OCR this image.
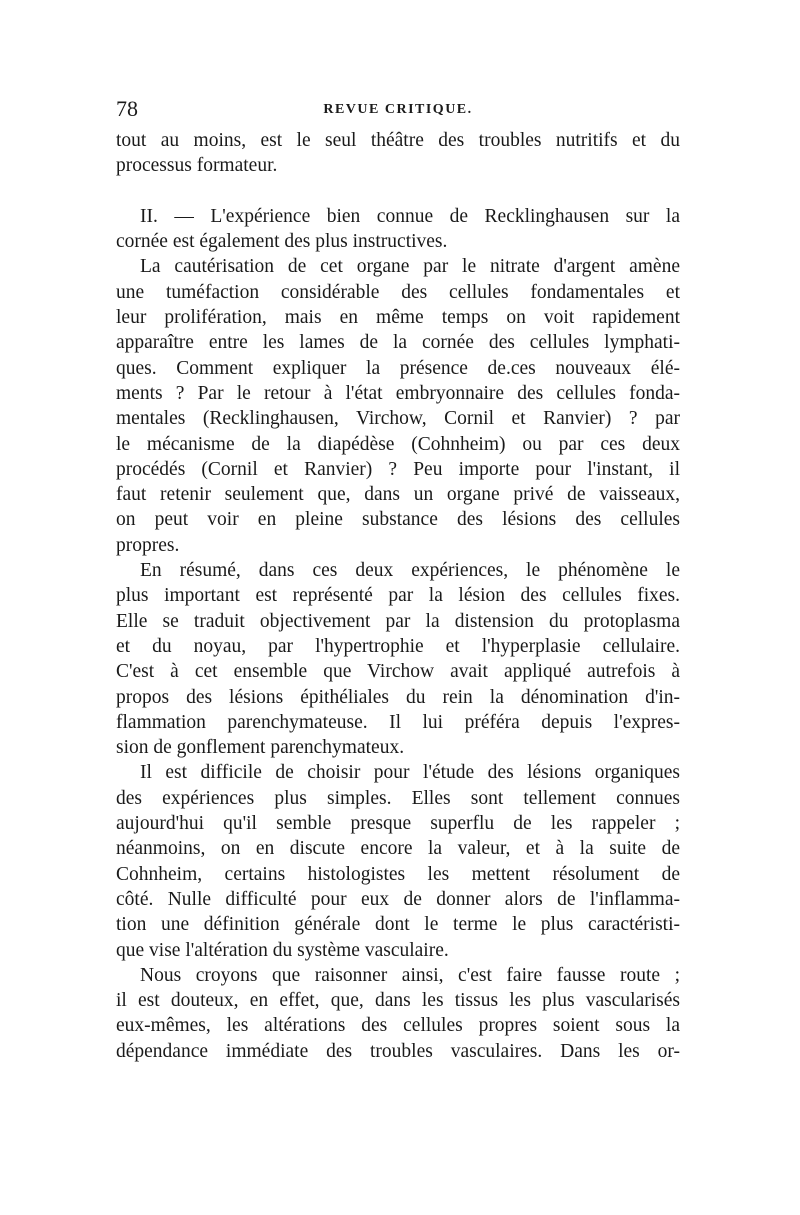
78	REVUE CRITIQUE.
tout au moins, est le seul théâtre des troubles nutritifs et du
processus formateur.
II. — L'expérience bien connue de Recklinghausen sur la
cornée est également des plus instructives.
La cautérisation de cet organe par le nitrate d'argent amène
une tuméfaction considérable des cellules fondamentales et
leur prolifération, mais en même temps on voit rapidement
apparaître entre les lames de la cornée des cellules lymphati-
ques. Comment expliquer la présence de.ces nouveaux élé-
ments ? Par le retour à l'état embryonnaire des cellules fonda-
mentales (Recklinghausen, Virchow, Cornil et Ranvier) ? par
le mécanisme de la diapédèse (Cohnheim) ou par ces deux
procédés (Cornil et Ranvier) ? Peu importe pour l'instant, il
faut retenir seulement que, dans un organe privé de vaisseaux,
on peut voir en pleine substance des lésions des cellules
propres.
En résumé, dans ces deux expériences, le phénomène le
plus important est représenté par la lésion des cellules fixes.
Elle se traduit objectivement par la distension du protoplasma
et du noyau, par l'hypertrophie et l'hyperplasie cellulaire.
C'est à cet ensemble que Virchow avait appliqué autrefois à
propos des lésions épithéliales du rein la dénomination d'in-
flammation parenchymateuse. Il lui préféra depuis l'expres-
sion de gonflement parenchymateux.
Il est difficile de choisir pour l'étude des lésions organiques
des expériences plus simples. Elles sont tellement connues
aujourd'hui qu'il semble presque superflu de les rappeler ;
néanmoins, on en discute encore la valeur, et à la suite de
Cohnheim, certains histologistes les mettent résolument de
côté. Nulle difficulté pour eux de donner alors de l'inflamma-
tion une définition générale dont le terme le plus caractéristi-
que vise l'altération du système vasculaire.
Nous croyons que raisonner ainsi, c'est faire fausse route ;
il est douteux, en effet, que, dans les tissus les plus vascularisés
eux-mêmes, les altérations des cellules propres soient sous la
dépendance immédiate des troubles vasculaires. Dans les or-
